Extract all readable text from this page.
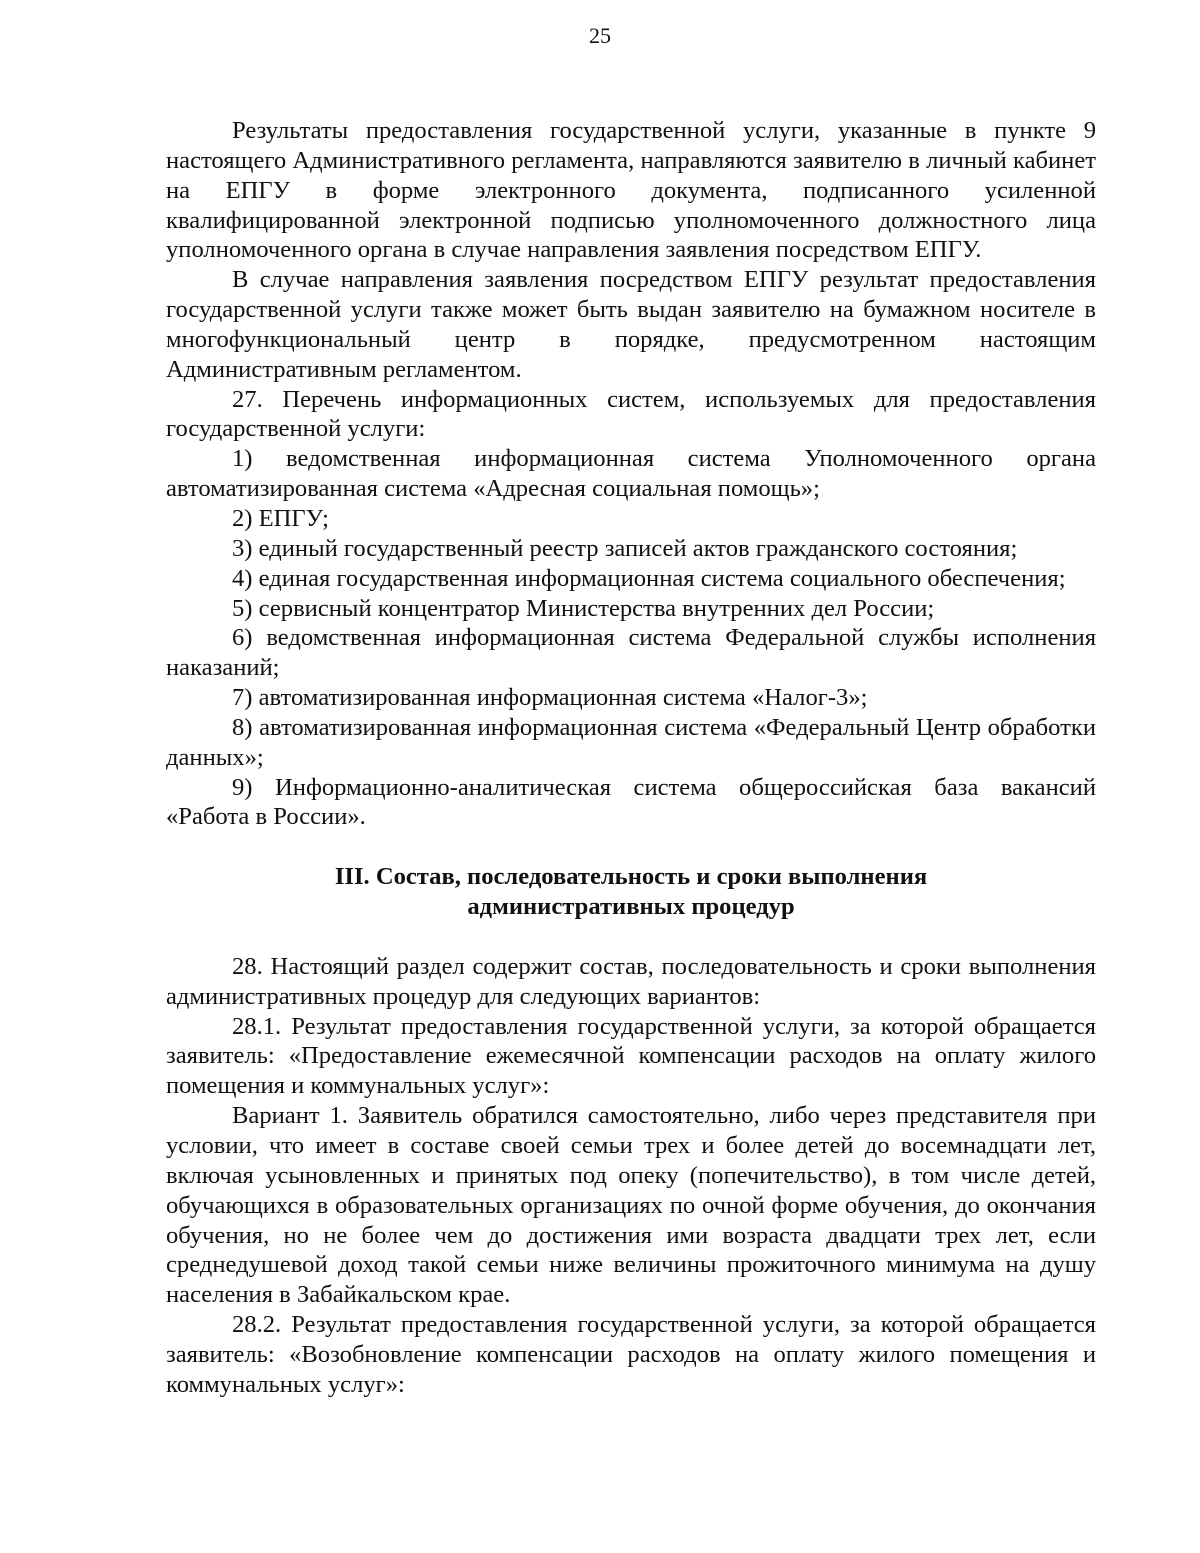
25

Результаты предоставления государственной услуги, указанные в пункте 9 настоящего Административного регламента, направляются заявителю в личный кабинет на ЕПГУ в форме электронного документа, подписанного усиленной квалифицированной электронной подписью уполномоченного должностного лица уполномоченного органа в случае направления заявления посредством ЕПГУ.

В случае направления заявления посредством ЕПГУ результат предоставления государственной услуги также может быть выдан заявителю на бумажном носителе в многофункциональный центр в порядке, предусмотренном настоящим Административным регламентом.

27. Перечень информационных систем, используемых для предоставления государственной услуги:

1) ведомственная информационная система Уполномоченного органа автоматизированная система «Адресная социальная помощь»;

2) ЕПГУ;

3) единый государственный реестр записей актов гражданского состояния;

4) единая государственная информационная система социального обеспечения;

5) сервисный концентратор Министерства внутренних дел России;

6) ведомственная информационная система Федеральной службы исполнения наказаний;

7) автоматизированная информационная система «Налог-3»;

8) автоматизированная информационная система «Федеральный Центр обработки данных»;

9) Информационно-аналитическая система общероссийская база вакансий «Работа в России».

III. Состав, последовательность и сроки выполнения
административных процедур

28. Настоящий раздел содержит состав, последовательность и сроки выполнения административных процедур для следующих вариантов:

28.1. Результат предоставления государственной услуги, за которой обращается заявитель: «Предоставление ежемесячной компенсации расходов на оплату жилого помещения и коммунальных услуг»:

Вариант 1. Заявитель обратился самостоятельно, либо через представителя при условии, что имеет в составе своей семьи трех и более детей до восемнадцати лет, включая усыновленных и принятых под опеку (попечительство), в том числе детей, обучающихся в образовательных организациях по очной форме обучения, до окончания обучения, но не более чем до достижения ими возраста двадцати трех лет, если среднедушевой доход такой семьи ниже величины прожиточного минимума на душу населения в Забайкальском крае.

28.2. Результат предоставления государственной услуги, за которой обращается заявитель: «Возобновление компенсации расходов на оплату жилого помещения и коммунальных услуг»:
